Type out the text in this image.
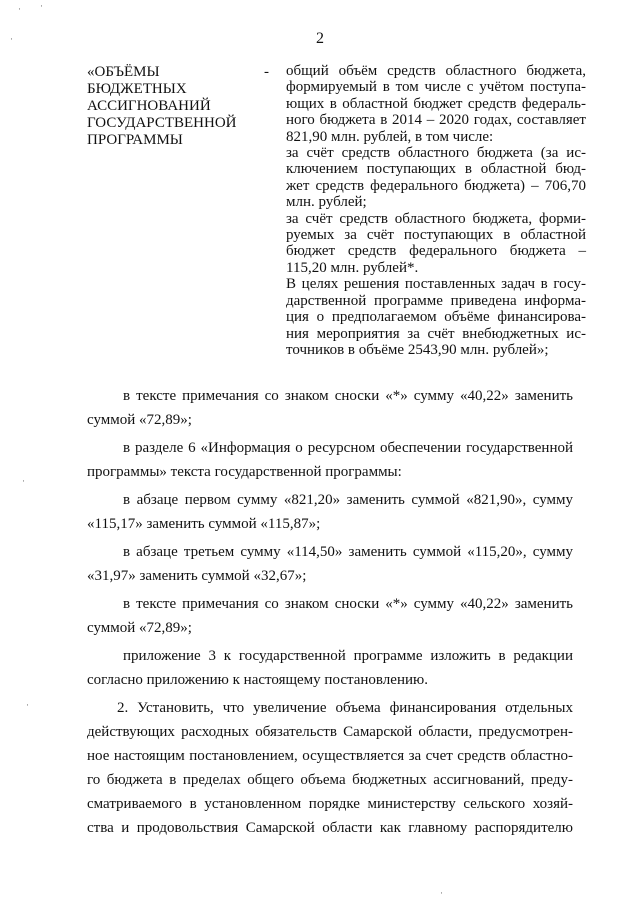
2
«ОБЪЁМЫ
БЮДЖЕТНЫХ
АССИГНОВАНИЙ
ГОСУДАРСТВЕННОЙ
ПРОГРАММЫ
- общий объём средств областного бюджета,
формируемый в том числе с учётом поступа-
ющих в областной бюджет средств федераль-
ного бюджета в 2014 – 2020 годах, составляет
821,90 млн. рублей, в том числе:
за счёт средств областного бюджета (за ис-
ключением поступающих в областной бюд-
жет средств федерального бюджета) – 706,70
млн. рублей;
за счёт средств областного бюджета, форми-
руемых за счёт поступающих в областной
бюджет средств федерального бюджета –
115,20 млн. рублей*.
В целях решения поставленных задач в госу-
дарственной программе приведена информа-
ция о предполагаемом объёме финансирова-
ния мероприятия за счёт внебюджетных ис-
точников в объёме 2543,90 млн. рублей»;
в тексте примечания со знаком сноски «*» сумму «40,22» заменить
суммой «72,89»;
в разделе 6 «Информация о ресурсном обеспечении государственной
программы» текста государственной программы:
в абзаце первом сумму «821,20» заменить суммой «821,90», сумму
«115,17» заменить суммой «115,87»;
в абзаце третьем сумму «114,50» заменить суммой «115,20», сумму
«31,97» заменить суммой «32,67»;
в тексте примечания со знаком сноски «*» сумму «40,22» заменить
суммой «72,89»;
приложение 3 к государственной программе изложить в редакции
согласно приложению к настоящему постановлению.
2. Установить, что увеличение объема финансирования отдельных
действующих расходных обязательств Самарской области, предусмотрен-
ное настоящим постановлением, осуществляется за счет средств областно-
го бюджета в пределах общего объема бюджетных ассигнований, преду-
сматриваемого в установленном порядке министерству сельского хозяй-
ства и продовольствия Самарской области как главному распорядителю
· ·
·
·
·
·
